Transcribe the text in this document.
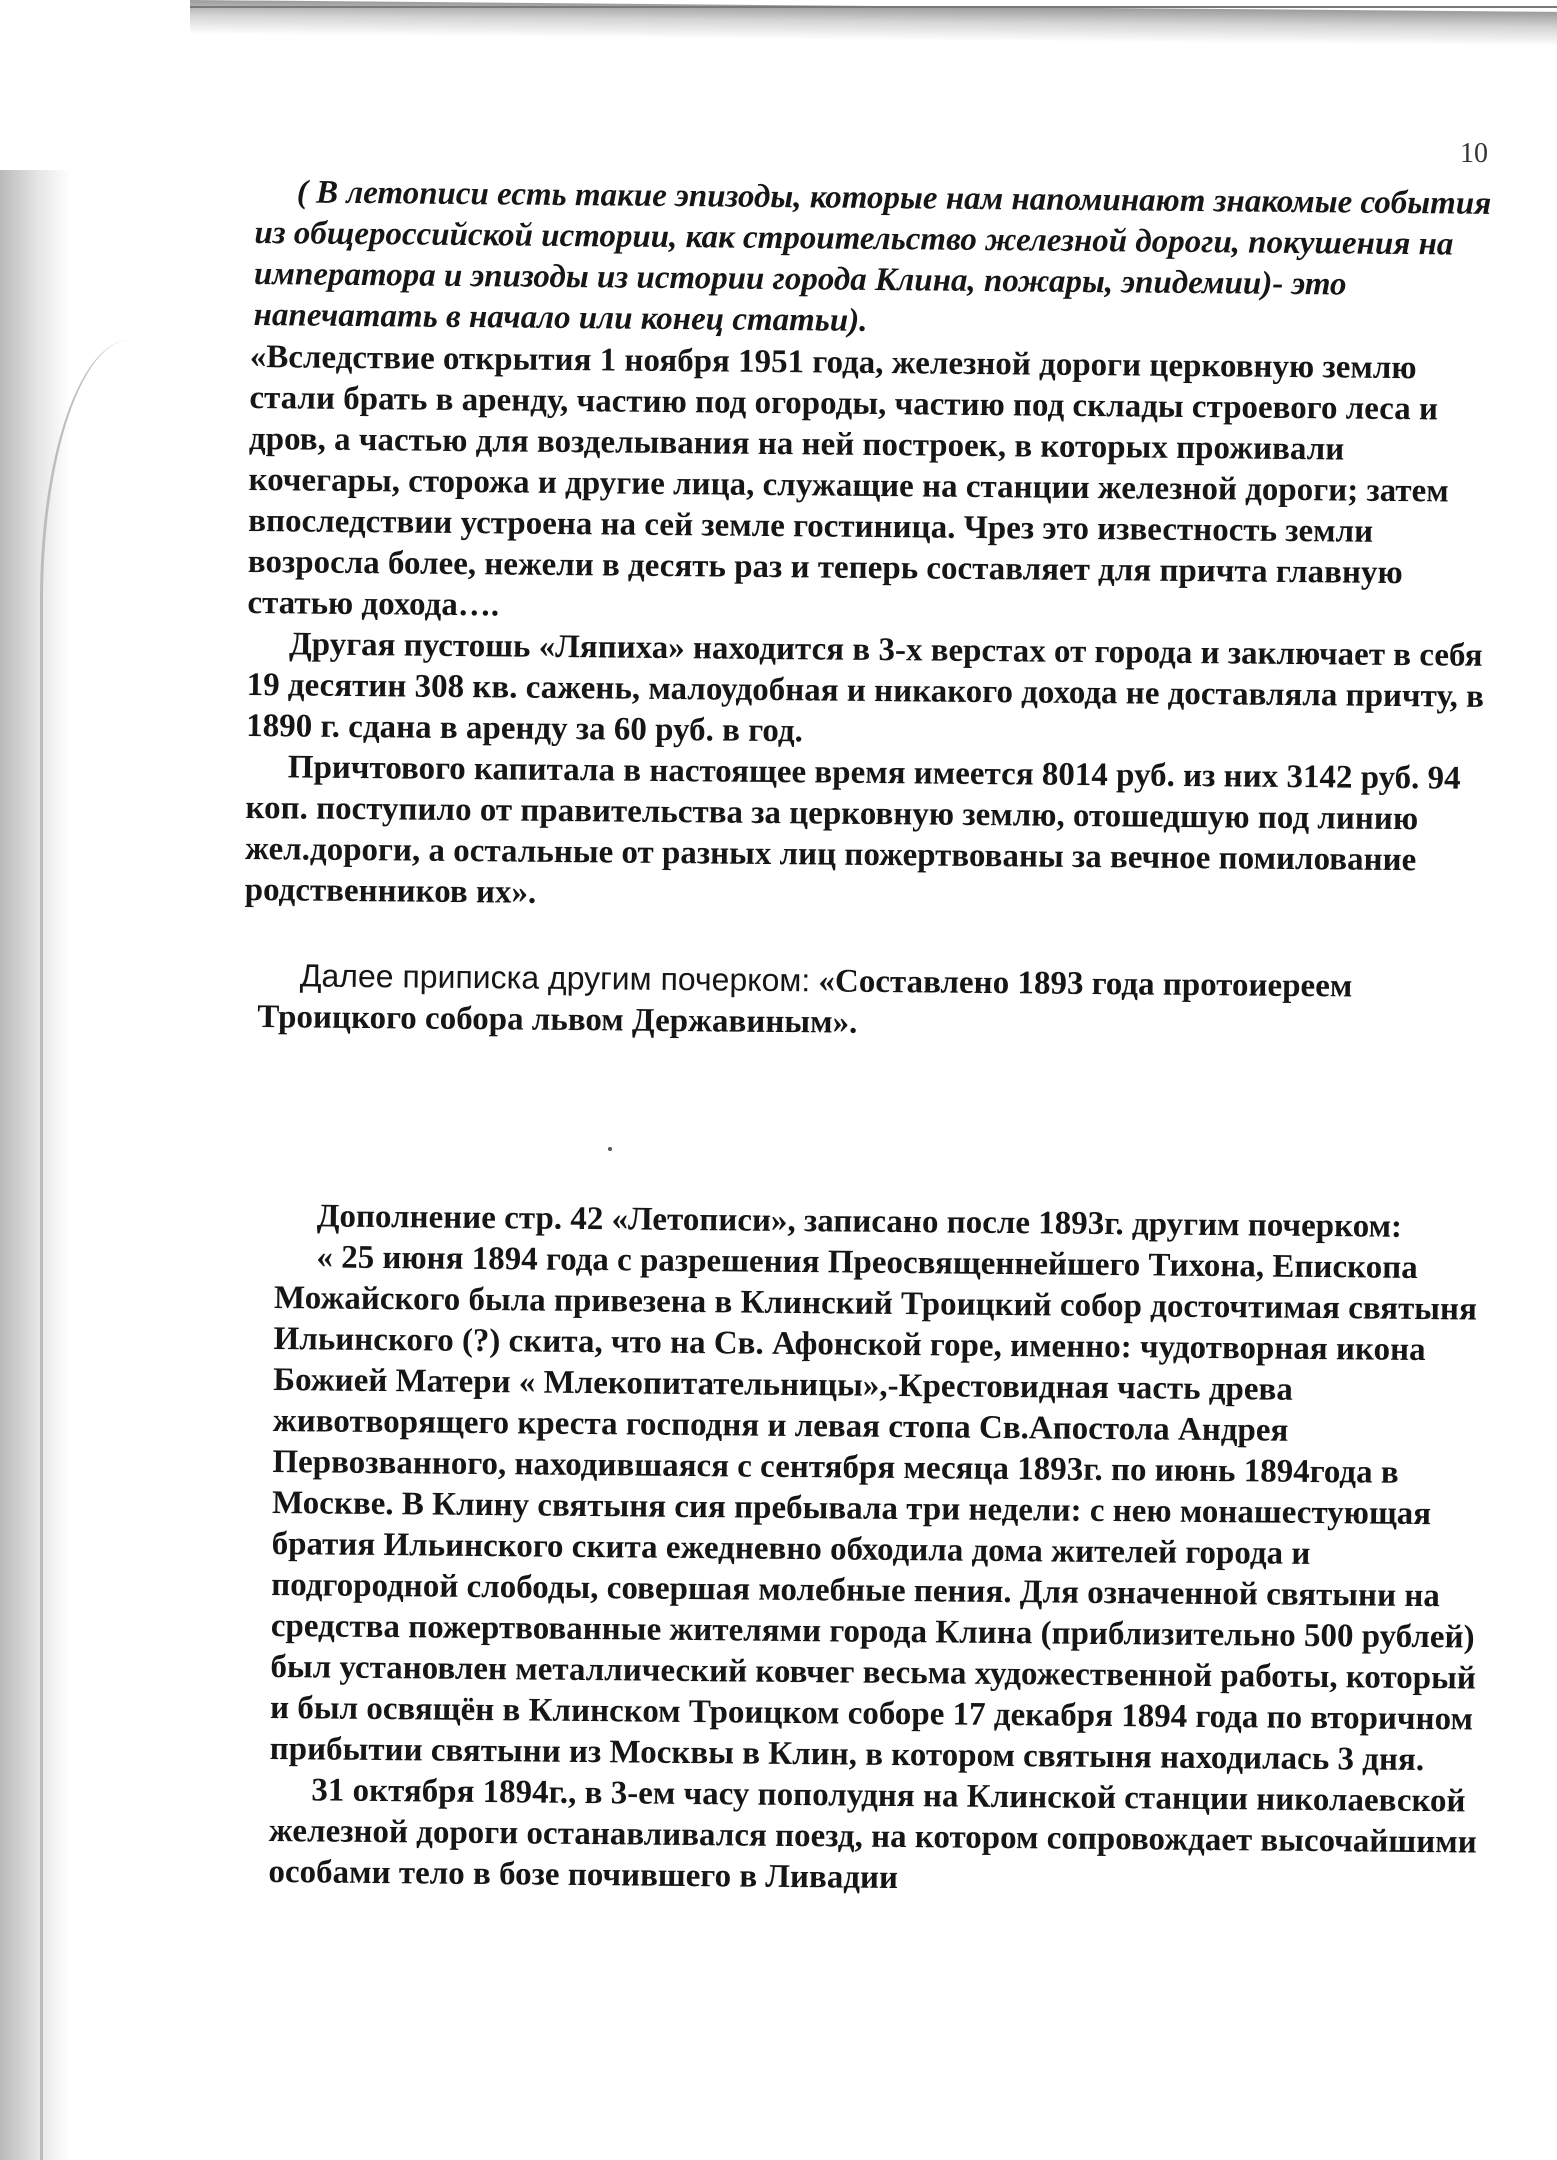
10

( В летописи есть такие эпизоды, которые нам напоминают знакомые события из общероссийской истории, как строительство железной дороги, покушения на императора и эпизоды из истории города Клина, пожары, эпидемии)- это напечатать в начало или конец статьи).

«Вследствие открытия 1 ноября 1951 года, железной дороги церковную землю стали брать в аренду, частию под огороды, частию под склады строевого леса и дров, а частью для возделывания на ней построек, в которых проживали кочегары, сторожа и другие лица, служащие на станции железной дороги; затем впоследствии устроена на сей земле гостиница. Чрез это известность земли возросла более, нежели в десять раз и теперь составляет для причта главную статью дохода….

Другая пустошь «Ляпиха» находится в 3-х верстах от города и заключает в себя 19 десятин 308 кв. сажень, малоудобная и никакого дохода не доставляла причту, в 1890 г. сдана в аренду за 60 руб. в год.

Причтового капитала в настоящее время имеется 8014 руб. из них 3142 руб. 94 коп. поступило от правительства за церковную землю, отошедшую под линию жел.дороги, а остальные от разных лиц пожертвованы за вечное помилование родственников их».

Далее приписка другим почерком: «Составлено 1893 года протоиереем Троицкого собора львом Державиным».

Дополнение стр. 42 «Летописи», записано после 1893г. другим почерком:

« 25 июня 1894 года с разрешения Преосвященнейшего Тихона, Епископа Можайского была привезена в Клинский Троицкий собор досточтимая святыня Ильинского (?) скита, что на Св. Афонской горе, именно: чудотворная икона Божией Матери « Млекопитательницы»,-Крестовидная часть древа животворящего креста господня и левая стопа Св.Апостола Андрея Первозванного, находившаяся с сентября месяца 1893г. по июнь 1894года в Москве. В Клину святыня сия пребывала три недели: с нею монашестующая братия Ильинского скита ежедневно обходила дома жителей города и подгородной слободы, совершая молебные пения. Для означенной святыни на средства пожертвованные жителями города Клина (приблизительно 500 рублей) был установлен металлический ковчег весьма художественной работы, который и был освящён в Клинском Троицком соборе 17 декабря 1894 года по вторичном прибытии святыни из Москвы в Клин, в котором святыня находилась 3 дня.

31 октября 1894г., в 3-ем часу пополудня на Клинской станции николаевской железной дороги останавливался поезд, на котором сопровождает высочайшими особами тело в бозе почившего в Ливадии
